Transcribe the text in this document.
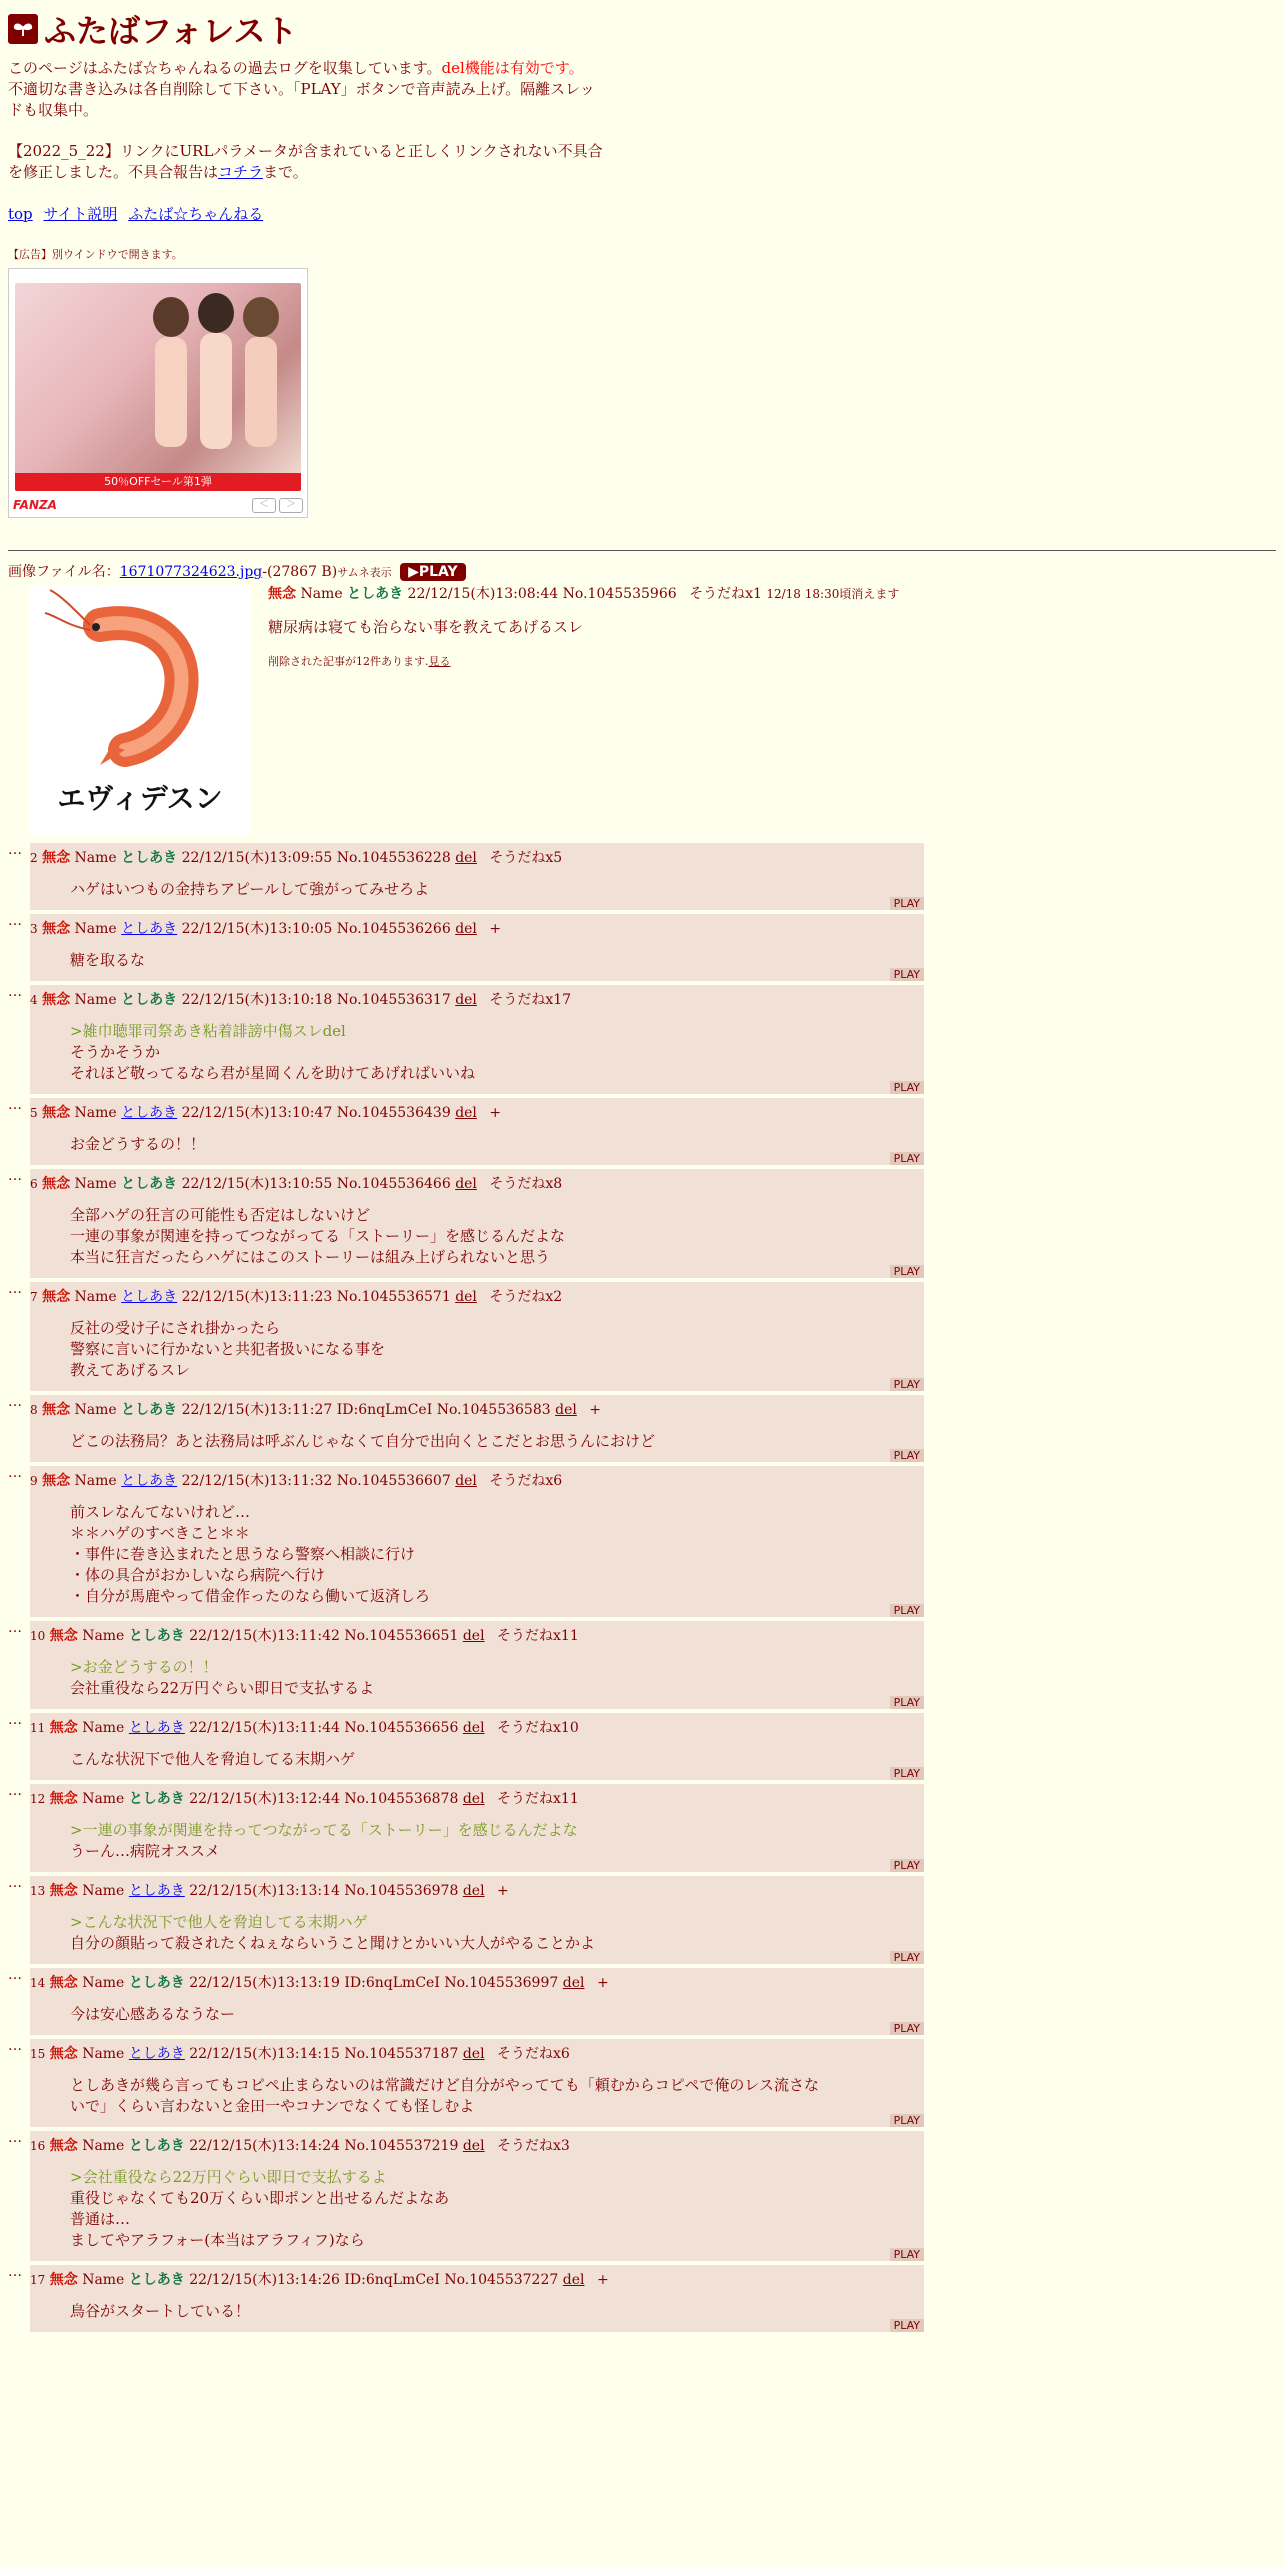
ふたばフォレスト
このページはふたば☆ちゃんねるの過去ログを収集しています。del機能は有効です。不適切な書き込みは各自削除して下さい。「PLAY」ボタンで音声読み上げ。隔離スレッドも収集中。
【2022_5_22】リンクにURLパラメータが含まれていると正しくリンクされない不具合を修正しました。不具合報告はコチラまで。
top サイト説明 ふたば☆ちゃんねる
【広告】別ウインドウで開きます。
50％OFFセール第1弾
FANZA	＜	＞
画像ファイル名：1671077324623.jpg-(27867 B)サムネ表示 ▶PLAY
エヴィデスン
無念 Name としあき 22/12/15(木)13:08:44 No.1045535966 そうだねx1 12/18 18:30頃消えます
糖尿病は寝ても治らない事を教えてあげるスレ
削除された記事が12件あります.見る
… 2 無念 Name としあき 22/12/15(木)13:09:55 No.1045536228 del そうだねx5
ハゲはいつもの金持ちアピールして強がってみせろよ
PLAY
… 3 無念 Name としあき 22/12/15(木)13:10:05 No.1045536266 del +
糖を取るな
PLAY
… 4 無念 Name としあき 22/12/15(木)13:10:18 No.1045536317 del そうだねx17
>雑巾聴罪司祭あき粘着誹謗中傷スレdel
そうかそうか
それほど敬ってるなら君が星岡くんを助けてあげればいいね
PLAY
… 5 無念 Name としあき 22/12/15(木)13:10:47 No.1045536439 del +
お金どうするの！！
PLAY
… 6 無念 Name としあき 22/12/15(木)13:10:55 No.1045536466 del そうだねx8
全部ハゲの狂言の可能性も否定はしないけど
一連の事象が関連を持ってつながってる「ストーリー」を感じるんだよな
本当に狂言だったらハゲにはこのストーリーは組み上げられないと思う
PLAY
… 7 無念 Name としあき 22/12/15(木)13:11:23 No.1045536571 del そうだねx2
反社の受け子にされ掛かったら
警察に言いに行かないと共犯者扱いになる事を
教えてあげるスレ
PLAY
… 8 無念 Name としあき 22/12/15(木)13:11:27 ID:6nqLmCeI No.1045536583 del +
どこの法務局？あと法務局は呼ぶんじゃなくて自分で出向くとこだとお思うんにおけど
PLAY
… 9 無念 Name としあき 22/12/15(木)13:11:32 No.1045536607 del そうだねx6
前スレなんてないけれど…
＊＊ハゲのすべきこと＊＊
・事件に巻き込まれたと思うなら警察へ相談に行け
・体の具合がおかしいなら病院へ行け
・自分が馬鹿やって借金作ったのなら働いて返済しろ
PLAY
… 10 無念 Name としあき 22/12/15(木)13:11:42 No.1045536651 del そうだねx11
>お金どうするの！！
会社重役なら22万円ぐらい即日で支払するよ
PLAY
… 11 無念 Name としあき 22/12/15(木)13:11:44 No.1045536656 del そうだねx10
こんな状況下で他人を脅迫してる末期ハゲ
PLAY
… 12 無念 Name としあき 22/12/15(木)13:12:44 No.1045536878 del そうだねx11
>一連の事象が関連を持ってつながってる「ストーリー」を感じるんだよな
うーん…病院オススメ
PLAY
… 13 無念 Name としあき 22/12/15(木)13:13:14 No.1045536978 del +
>こんな状況下で他人を脅迫してる末期ハゲ
自分の顔貼って殺されたくねぇならいうこと聞けとかいい大人がやることかよ
PLAY
… 14 無念 Name としあき 22/12/15(木)13:13:19 ID:6nqLmCeI No.1045536997 del +
今は安心感あるなうなー
PLAY
… 15 無念 Name としあき 22/12/15(木)13:14:15 No.1045537187 del そうだねx6
としあきが幾ら言ってもコピペ止まらないのは常識だけど自分がやってても「頼むからコピペで俺のレス流さな
いで」くらい言わないと金田一やコナンでなくても怪しむよ
PLAY
… 16 無念 Name としあき 22/12/15(木)13:14:24 No.1045537219 del そうだねx3
>会社重役なら22万円ぐらい即日で支払するよ
重役じゃなくても20万くらい即ポンと出せるんだよなあ
普通は…
ましてやアラフォー(本当はアラフィフ)なら
PLAY
… 17 無念 Name としあき 22/12/15(木)13:14:26 ID:6nqLmCeI No.1045537227 del +
鳥谷がスタートしている！
PLAY
